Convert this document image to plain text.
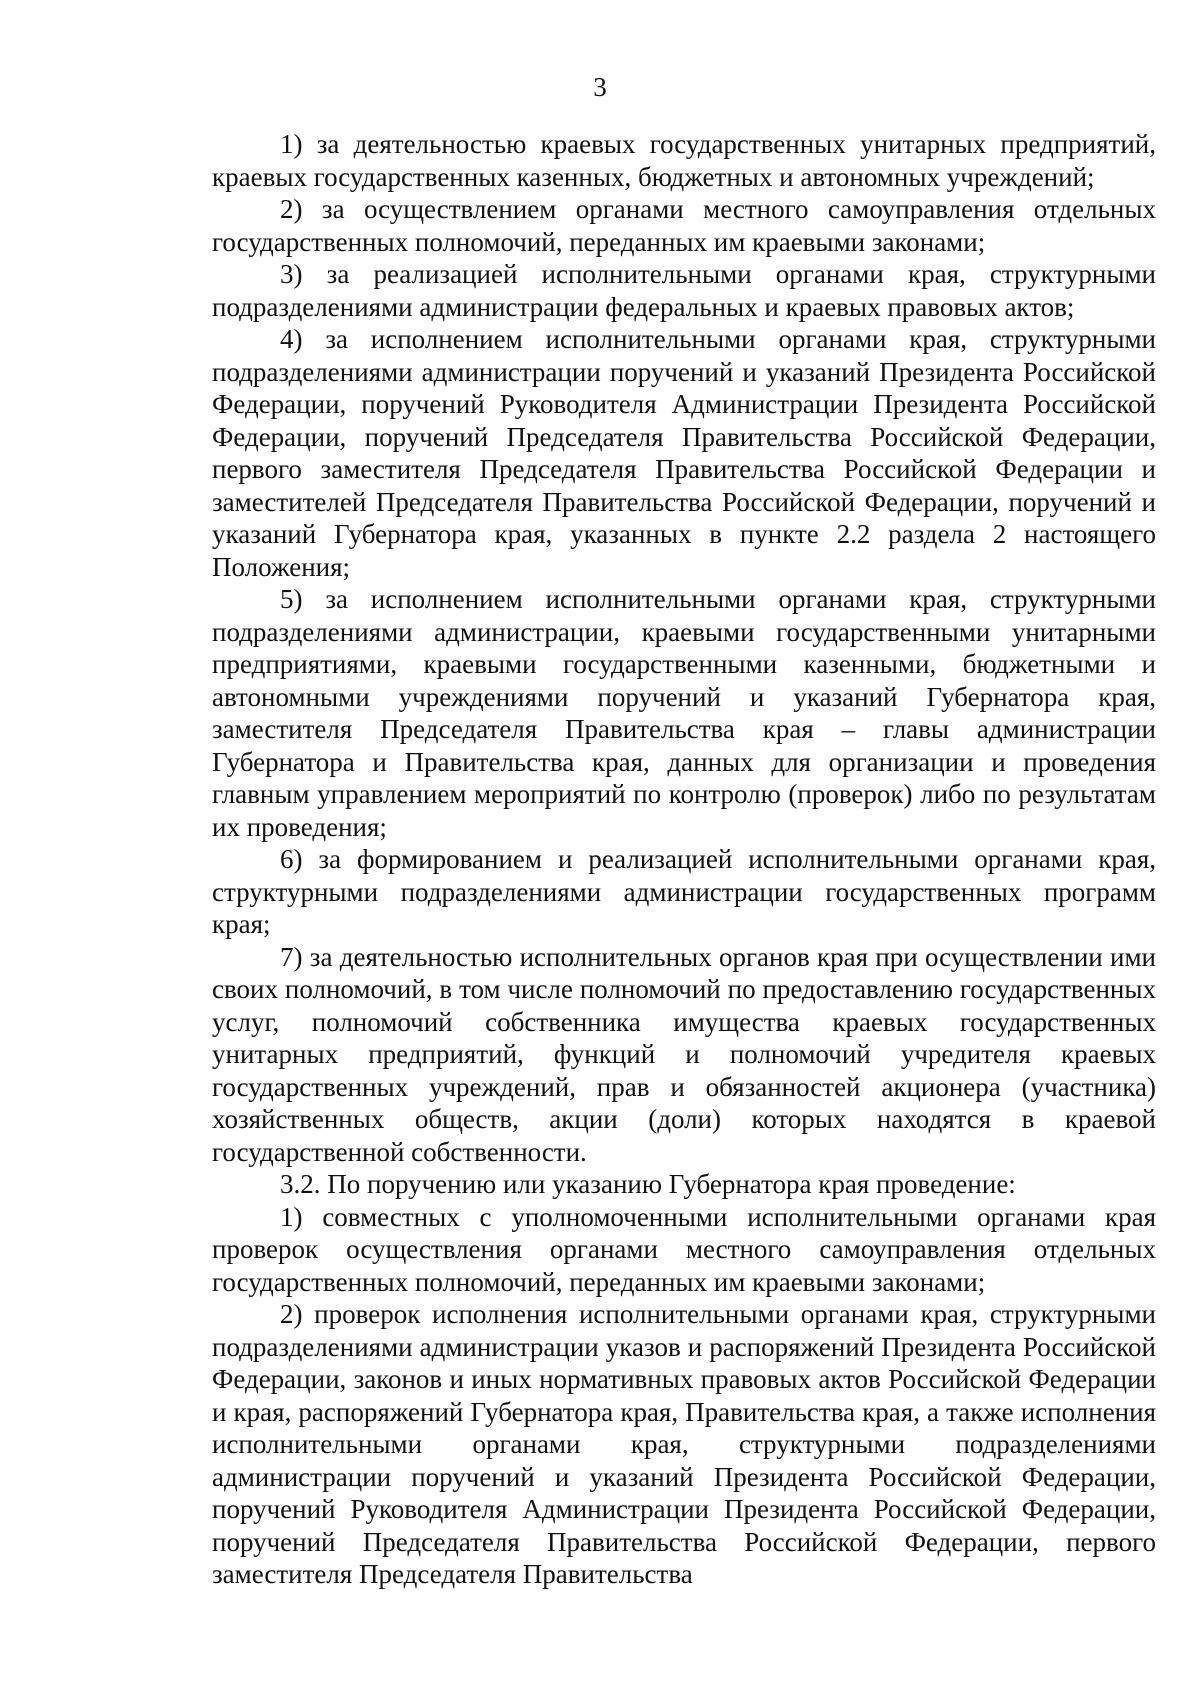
3

1) за деятельностью краевых государственных унитарных предприятий, краевых государственных казенных, бюджетных и автономных учреждений;

2) за осуществлением органами местного самоуправления отдельных государственных полномочий, переданных им краевыми законами;

3) за реализацией исполнительными органами края, структурными подразделениями администрации федеральных и краевых правовых актов;

4) за исполнением исполнительными органами края, структурными подразделениями администрации поручений и указаний Президента Российской Федерации, поручений Руководителя Администрации Президента Российской Федерации, поручений Председателя Правительства Российской Федерации, первого заместителя Председателя Правительства Российской Федерации и заместителей Председателя Правительства Российской Федерации, поручений и указаний Губернатора края, указанных в пункте 2.2 раздела 2 настоящего Положения;

5) за исполнением исполнительными органами края, структурными подразделениями администрации, краевыми государственными унитарными предприятиями, краевыми государственными казенными, бюджетными и автономными учреждениями поручений и указаний Губернатора края, заместителя Председателя Правительства края – главы администрации Губернатора и Правительства края, данных для организации и проведения главным управлением мероприятий по контролю (проверок) либо по результатам их проведения;

6) за формированием и реализацией исполнительными органами края, структурными подразделениями администрации государственных программ края;

7) за деятельностью исполнительных органов края при осуществлении ими своих полномочий, в том числе полномочий по предоставлению государственных услуг, полномочий собственника имущества краевых государственных унитарных предприятий, функций и полномочий учредителя краевых государственных учреждений, прав и обязанностей акционера (участника) хозяйственных обществ, акции (доли) которых находятся в краевой государственной собственности.

3.2. По поручению или указанию Губернатора края проведение:

1) совместных с уполномоченными исполнительными органами края проверок осуществления органами местного самоуправления отдельных государственных полномочий, переданных им краевыми законами;

2) проверок исполнения исполнительными органами края, структурными подразделениями администрации указов и распоряжений Президента Российской Федерации, законов и иных нормативных правовых актов Российской Федерации и края, распоряжений Губернатора края, Правительства края, а также исполнения исполнительными органами края, структурными подразделениями администрации поручений и указаний Президента Российской Федерации, поручений Руководителя Администрации Президента Российской Федерации, поручений Председателя Правительства Российской Федерации, первого заместителя Председателя Правительства
